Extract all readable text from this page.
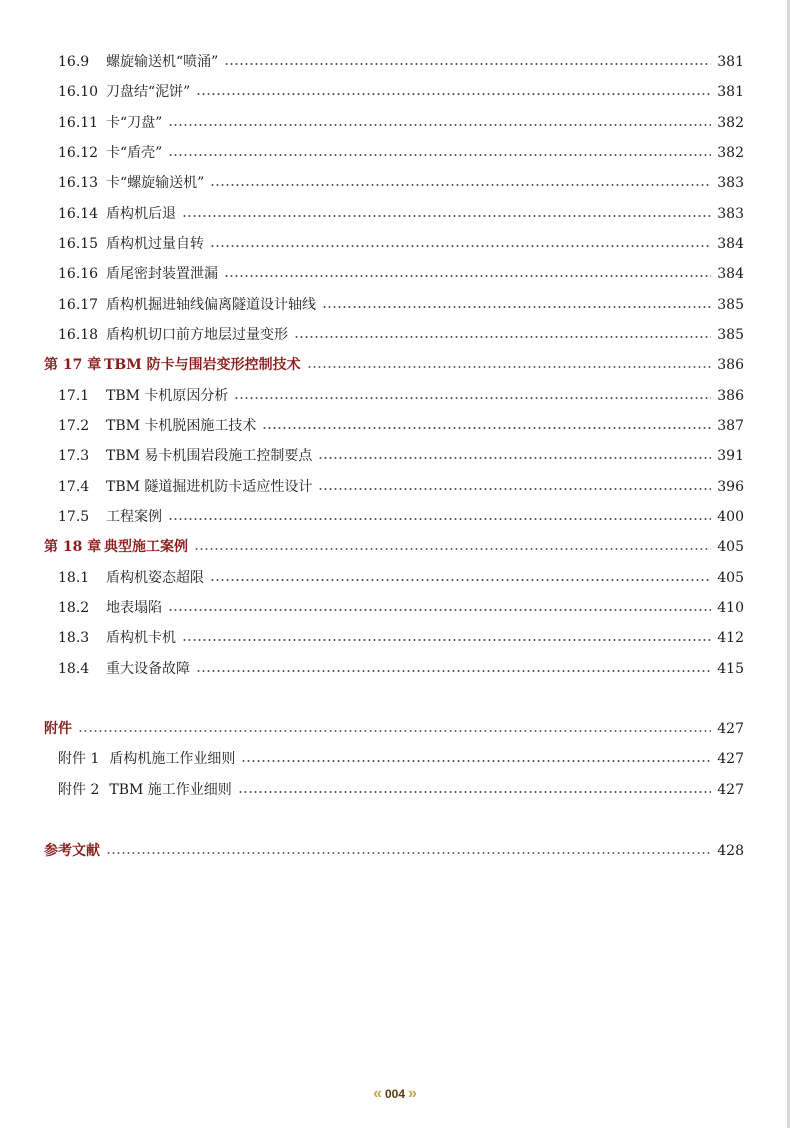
16.9	螺旋输送机“喷涌”	381
16.10 刀盘结“泥饼”	381
16.11 卡“刀盘”	382
16.12 卡“盾壳”	382
16.13 卡“螺旋输送机”	383
16.14 盾构机后退	383
16.15 盾构机过量自转	384
16.16 盾尾密封装置泄漏	384
16.17 盾构机掘进轴线偏离隧道设计轴线	385
16.18 盾构机切口前方地层过量变形	385
第 17 章 TBM 防卡与围岩变形控制技术	386
17.1	TBM 卡机原因分析	386
17.2	TBM 卡机脱困施工技术	387
17.3	TBM 易卡机围岩段施工控制要点	391
17.4	TBM 隧道掘进机防卡适应性设计	396
17.5	工程案例	400
第 18 章 典型施工案例	405
18.1	盾构机姿态超限	405
18.2	地表塌陷	410
18.3	盾构机卡机	412
18.4	重大设备故障	415
附件	427
附件 1 盾构机施工作业细则	427
附件 2 TBM 施工作业细则	427
参考文献	428
« 004 »
